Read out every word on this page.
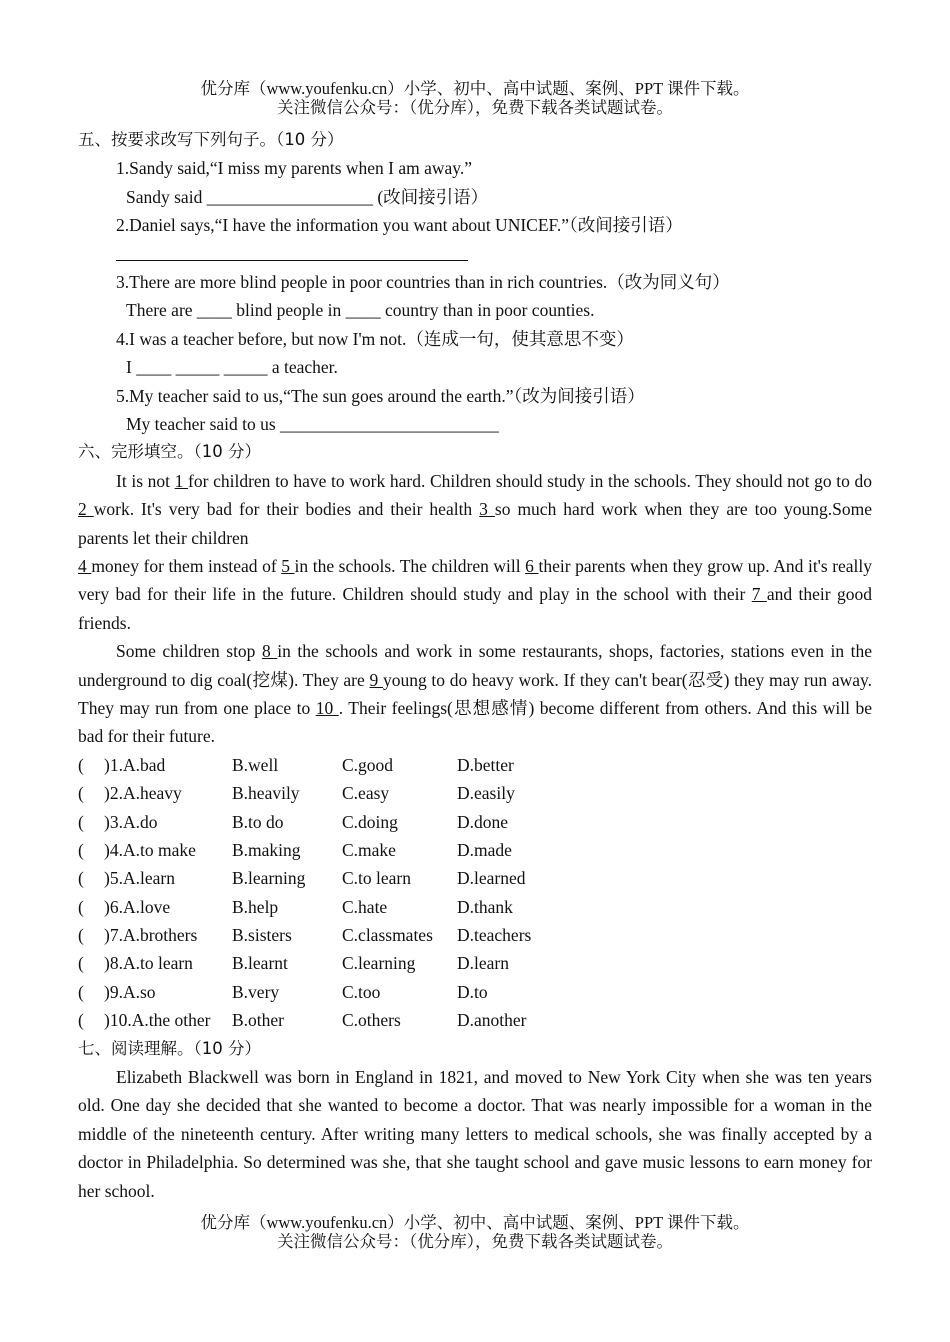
优分库（www.youfenku.cn）小学、初中、高中试题、案例、PPT 课件下载。
关注微信公众号：（优分库），免费下载各类试题试卷。
五、按要求改写下列句子。（10 分）
1.Sandy said,“I miss my parents when I am away.”
Sandy said ___________________ (改间接引语）
2.Daniel says,“I have the information you want about UNICEF.”（改间接引语）
3.There are more blind people in poor countries than in rich countries.（改为同义句）
There are ____ blind people in ____ country than in poor counties.
4.I was a teacher before, but now I'm not.（连成一句，使其意思不变）
I ____ _____ _____ a teacher.
5.My teacher said to us,“The sun goes around the earth.”（改为间接引语）
My teacher said to us _________________________
六、完形填空。（10 分）

It is not 1 for children to have to work hard. Children should study in the schools. They should not go to do 2 work. It's very bad for their bodies and their health 3 so much hard work when they are too young.Some parents let their children

4 money for them instead of 5 in the schools. The children will 6 their parents when they grow up. And it's really very bad for their life in the future. Children should study and play in the school with their 7 and their good friends.

Some children stop 8 in the schools and work in some restaurants, shops, factories, stations even in the underground to dig coal(挖煤). They are 9 young to do heavy work. If they can't bear(忍受) they may run away. They may run from one place to 10 . Their feelings(思想感情) become different from others. And this will be bad for their future.

(	)1.A.bad	B.well	C.good	D.better
(	)2.A.heavy	B.heavily	C.easy	D.easily
(	)3.A.do	B.to do	C.doing	D.done
(	)4.A.to make	B.making	C.make	D.made
(	)5.A.learn	B.learning	C.to learn	D.learned
(	)6.A.love	B.help	C.hate	D.thank
(	)7.A.brothers	B.sisters	C.classmates	D.teachers
(	)8.A.to learn	B.learnt	C.learning	D.learn
(	)9.A.so	B.very	C.too	D.to
(	)10.A.the other	B.other	C.others	D.another
七、阅读理解。（10 分）

Elizabeth Blackwell was born in England in 1821, and moved to New York City when she was ten years old. One day she decided that she wanted to become a doctor. That was nearly impossible for a woman in the middle of the nineteenth century. After writing many letters to medical schools, she was finally accepted by a doctor in Philadelphia. So determined was she, that she taught school and gave music lessons to earn money for her school.

优分库（www.youfenku.cn）小学、初中、高中试题、案例、PPT 课件下载。
关注微信公众号：（优分库），免费下载各类试题试卷。
